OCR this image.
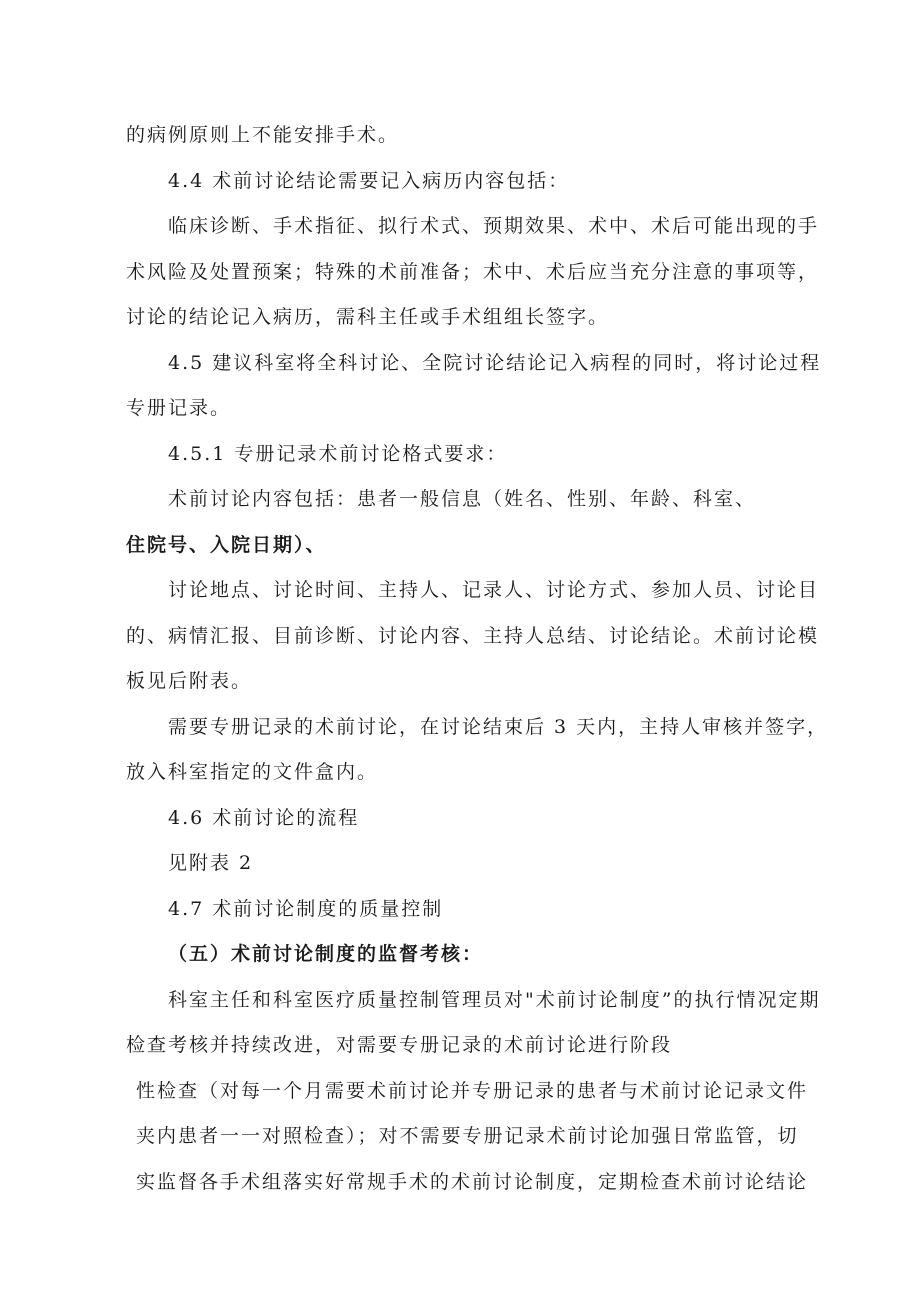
的病例原则上不能安排手术。
4.4 术前讨论结论需要记入病历内容包括：
临床诊断、手术指征、拟行术式、预期效果、术中、术后可能出现的手
术风险及处置预案；特殊的术前准备；术中、术后应当充分注意的事项等，
讨论的结论记入病历，需科主任或手术组组长签字。
4.5 建议科室将全科讨论、全院讨论结论记入病程的同时，将讨论过程
专册记录。
4.5.1 专册记录术前讨论格式要求：
术前讨论内容包括：患者一般信息（姓名、性别、年龄、科室、
住院号、入院日期）、
讨论地点、讨论时间、主持人、记录人、讨论方式、参加人员、讨论目
的、病情汇报、目前诊断、讨论内容、主持人总结、讨论结论。术前讨论模
板见后附表。
需要专册记录的术前讨论，在讨论结束后 3 天内，主持人审核并签字，
放入科室指定的文件盒内。
4.6 术前讨论的流程
见附表 2
4.7 术前讨论制度的质量控制
（五）术前讨论制度的监督考核：
科室主任和科室医疗质量控制管理员对"术前讨论制度”的执行情况定期
检查考核并持续改进，对需要专册记录的术前讨论进行阶段
性检查（对每一个月需要术前讨论并专册记录的患者与术前讨论记录文件
夹内患者一一对照检查）；对不需要专册记录术前讨论加强日常监管，切
实监督各手术组落实好常规手术的术前讨论制度，定期检查术前讨论结论
